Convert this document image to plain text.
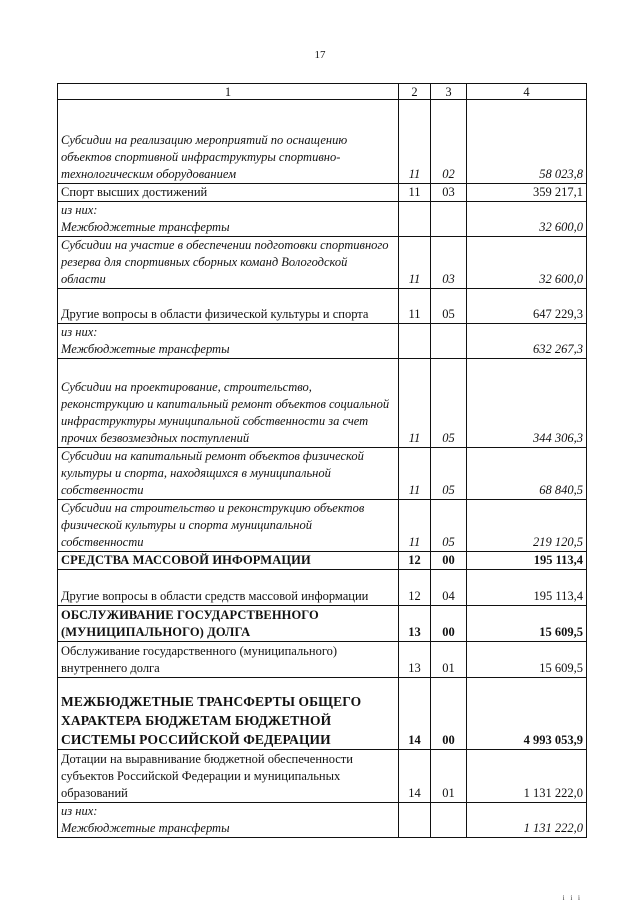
17
1	2	3	4
Субсидии на реализацию мероприятий по оснащению объектов спортивной инфраструктуры спортивно-технологическим оборудованием	11	02	58 023,8
Спорт высших достижений	11	03	359 217,1
из них:
Межбюджетные трансферты			32 600,0
Субсидии на участие в обеспечении подготовки спортивного резерва для спортивных сборных команд Вологодской области	11	03	32 600,0
Другие вопросы в области физической культуры и спорта	11	05	647 229,3
из них:
Межбюджетные трансферты			632 267,3
Субсидии на проектирование, строительство, реконструкцию и капитальный ремонт объектов социальной инфраструктуры муниципальной собственности за счет прочих безвозмездных поступлений	11	05	344 306,3
Субсидии на капитальный ремонт объектов физической культуры и спорта, находящихся в муниципальной собственности	11	05	68 840,5
Субсидии на строительство и реконструкцию объектов физической культуры и спорта муниципальной собственности	11	05	219 120,5
СРЕДСТВА МАССОВОЙ ИНФОРМАЦИИ	12	00	195 113,4
Другие вопросы в области средств массовой информации	12	04	195 113,4
ОБСЛУЖИВАНИЕ ГОСУДАРСТВЕННОГО (МУНИЦИПАЛЬНОГО) ДОЛГА	13	00	15 609,5
Обслуживание государственного (муниципального) внутреннего долга	13	01	15 609,5
МЕЖБЮДЖЕТНЫЕ ТРАНСФЕРТЫ ОБЩЕГО ХАРАКТЕРА БЮДЖЕТАМ БЮДЖЕТНОЙ СИСТЕМЫ РОССИЙСКОЙ ФЕДЕРАЦИИ	14	00	4 993 053,9
Дотации на выравнивание бюджетной обеспеченности субъектов Российской Федерации и муниципальных образований	14	01	1 131 222,0
из них:
Межбюджетные трансферты			1 131 222,0
і і і
